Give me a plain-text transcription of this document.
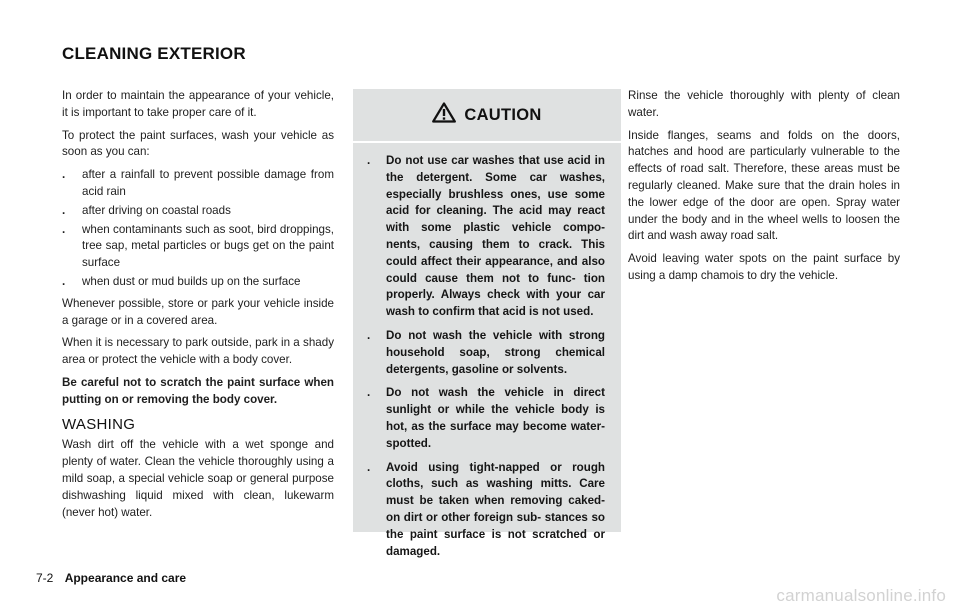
CLEANING EXTERIOR

In order to maintain the appearance of your vehicle, it is important to take proper care of it.

To protect the paint surfaces, wash your vehicle as soon as you can:

. after a rainfall to prevent possible damage from acid rain
. after driving on coastal roads
. when contaminants such as soot, bird droppings, tree sap, metal particles or bugs get on the paint surface
. when dust or mud builds up on the surface

Whenever possible, store or park your vehicle inside a garage or in a covered area.

When it is necessary to park outside, park in a shady area or protect the vehicle with a body cover.

Be careful not to scratch the paint surface when putting on or removing the body cover.

WASHING

Wash dirt off the vehicle with a wet sponge and plenty of water. Clean the vehicle thoroughly using a mild soap, a special vehicle soap or general purpose dishwashing liquid mixed with clean, lukewarm (never hot) water.

CAUTION
. Do not use car washes that use acid in the detergent. Some car washes, especially brushless ones, use some acid for cleaning. The acid may react with some plastic vehicle compo- nents, causing them to crack. This could affect their appearance, and also could cause them not to func- tion properly. Always check with your car wash to confirm that acid is not used.
. Do not wash the vehicle with strong household soap, strong chemical detergents, gasoline or solvents.
. Do not wash the vehicle in direct sunlight or while the vehicle body is hot, as the surface may become water-spotted.
. Avoid using tight-napped or rough cloths, such as washing mitts. Care must be taken when removing caked-on dirt or other foreign sub- stances so the paint surface is not scratched or damaged.

Rinse the vehicle thoroughly with plenty of clean water.

Inside flanges, seams and folds on the doors, hatches and hood are particularly vulnerable to the effects of road salt. Therefore, these areas must be regularly cleaned. Make sure that the drain holes in the lower edge of the door are open. Spray water under the body and in the wheel wells to loosen the dirt and wash away road salt.

Avoid leaving water spots on the paint surface by using a damp chamois to dry the vehicle.

7-2 Appearance and care
carmanualsonline.info
